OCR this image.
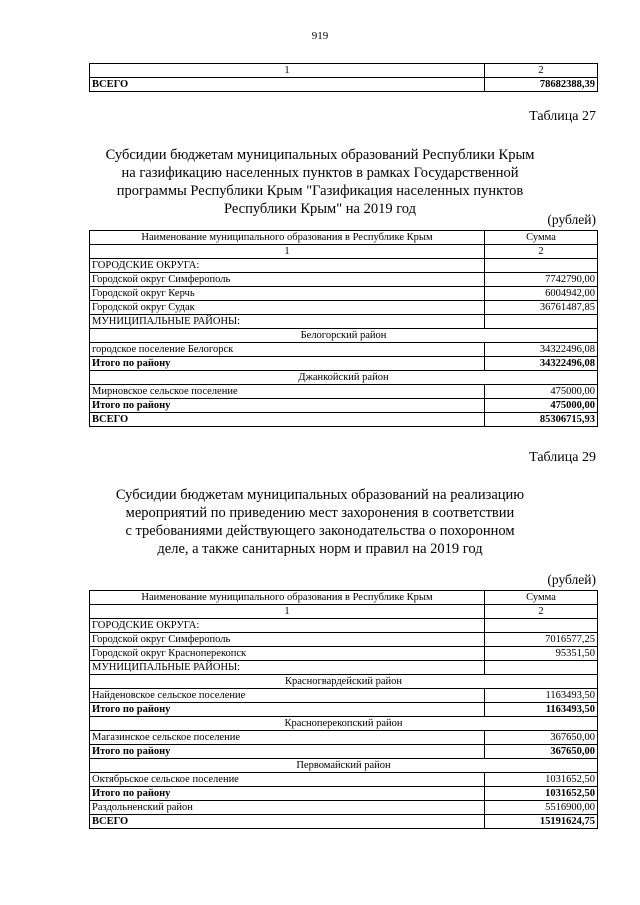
919
1	2
ВСЕГО	78682388,39
Таблица 27
Субсидии бюджетам муниципальных образований Республики Крым
на газификацию населенных пунктов в рамках Государственной
программы Республики Крым "Газификация населенных пунктов
Республики Крым" на 2019 год
(рублей)
Наименование муниципального образования в Республике Крым	Сумма
1	2
ГОРОДСКИЕ ОКРУГА:	
Городской округ Симферополь	7742790,00
Городской округ Керчь	6004942,00
Городской округ Судак	36761487,85
МУНИЦИПАЛЬНЫЕ РАЙОНЫ:	
Белогорский район	
городское поселение Белогорск	34322496,08
Итого по району	34322496,08
Джанкойский район	
Мирновское сельское поселение	475000,00
Итого по району	475000,00
ВСЕГО	85306715,93
Таблица 29
Субсидии бюджетам муниципальных образований на реализацию
мероприятий по приведению мест захоронения в соответствии
с требованиями действующего законодательства о похоронном
деле, а также санитарных норм и правил на 2019 год
(рублей)
Наименование муниципального образования в Республике Крым	Сумма
1	2
ГОРОДСКИЕ ОКРУГА:	
Городской округ Симферополь	7016577,25
Городской округ Красноперекопск	95351,50
МУНИЦИПАЛЬНЫЕ РАЙОНЫ:	
Красногвардейский район	
Найденовское сельское поселение	1163493,50
Итого по району	1163493,50
Красноперекопский район	
Магазинское сельское поселение	367650,00
Итого по району	367650,00
Первомайский район	
Октябрьское сельское поселение	1031652,50
Итого по району	1031652,50
Раздольненский район	5516900,00
ВСЕГО	15191624,75
